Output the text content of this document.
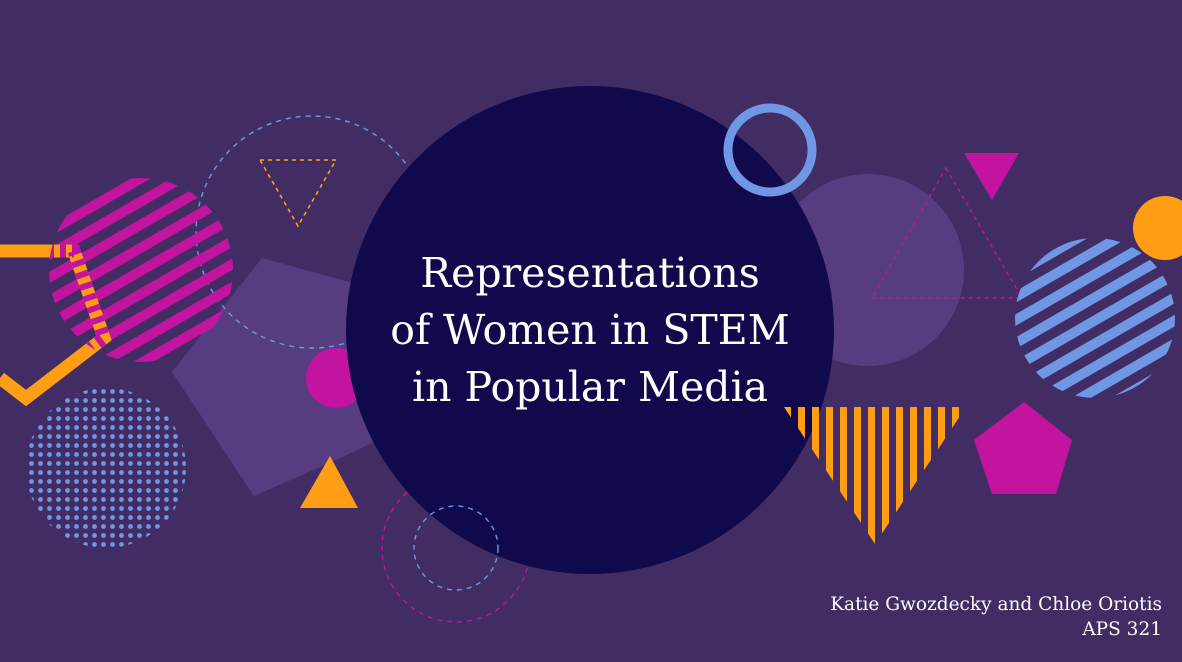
Representations
of Women in STEM
in Popular Media
Katie Gwozdecky and Chloe Oriotis
APS 321
